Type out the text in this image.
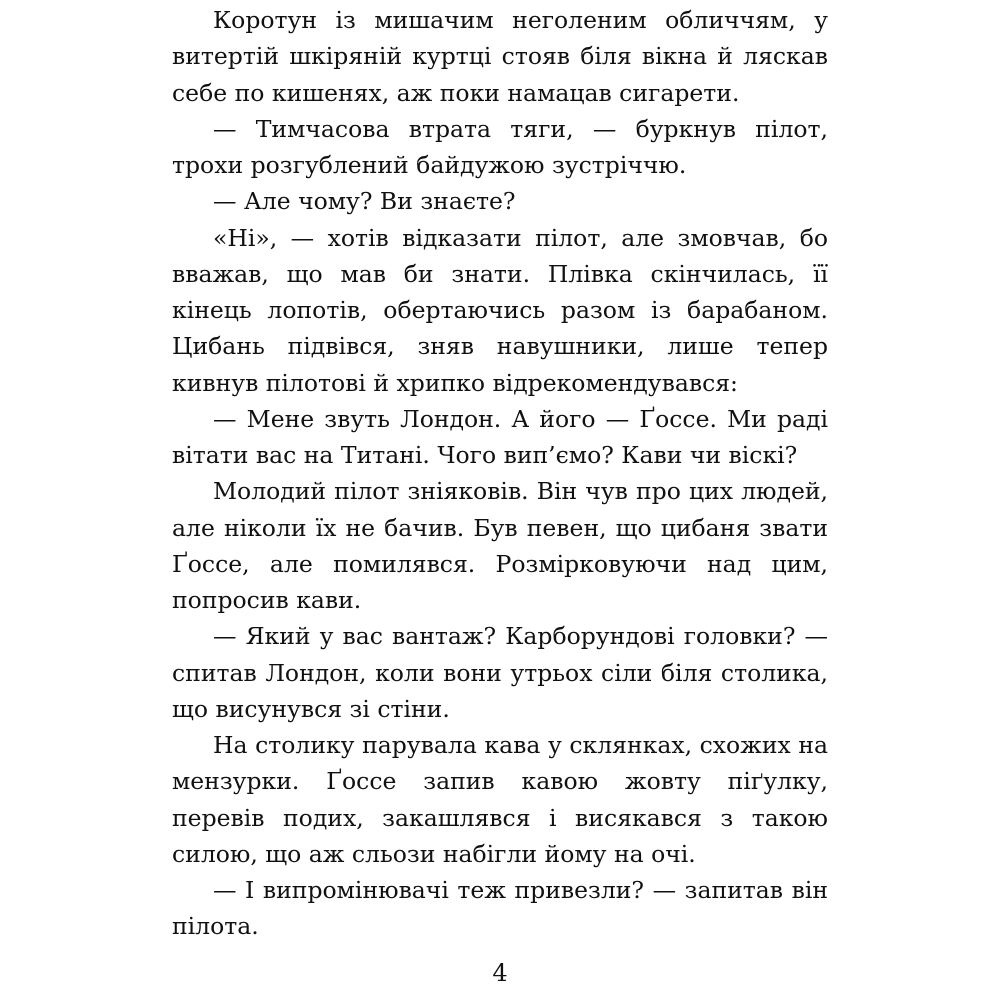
Коротун із мишачим неголеним обличчям, у витертій шкіряній куртці стояв біля вікна й ляскав себе по кишенях, аж поки намацав сигарети.

— Тимчасова втрата тяги, — буркнув пілот, трохи розгублений байдужою зустріччю.

— Але чому? Ви знаєте?

«Ні», — хотів відказати пілот, але змовчав, бо вважав, що мав би знати. Плівка скінчилась, її кінець лопотів, обертаючись разом із барабаном. Цибань підвівся, зняв навушники, лише тепер кивнув пілотові й хрипко відрекомендувався:

— Мене звуть Лондон. А його — Ґоссе. Ми раді вітати вас на Титані. Чого вип’ємо? Кави чи віскі?

Молодий пілот зніяковів. Він чув про цих людей, але ніколи їх не бачив. Був певен, що цибаня звати Ґоссе, але помилявся. Розмірковуючи над цим, попросив кави.

— Який у вас вантаж? Карборундові головки? — спитав Лондон, коли вони утрьох сіли біля столика, що висунувся зі стіни.

На столику парувала кава у склянках, схожих на мензурки. Ґоссе запив кавою жовту піґулку, перевів подих, закашлявся і висякався з такою силою, що аж сльози набігли йому на очі.

— І випромінювачі теж привезли? — запитав він пілота.

4
